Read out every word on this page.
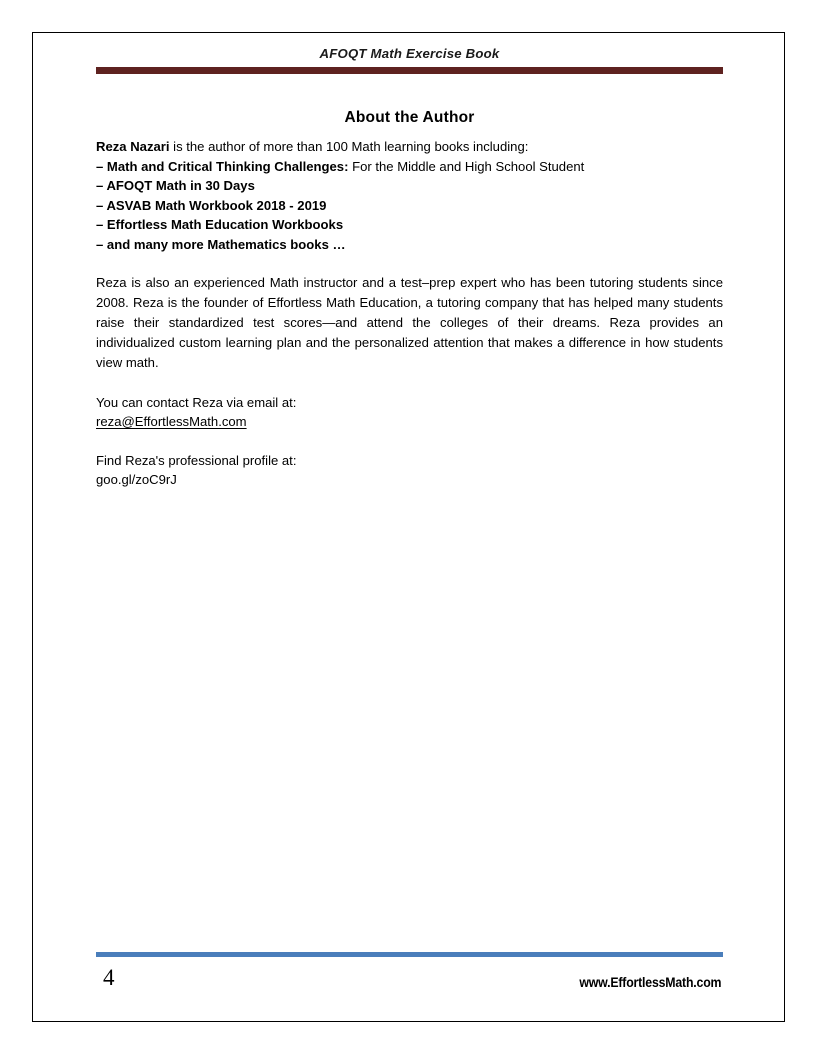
AFOQT Math Exercise Book
About the Author
Reza Nazari is the author of more than 100 Math learning books including:
– Math and Critical Thinking Challenges: For the Middle and High School Student
– AFOQT Math in 30 Days
– ASVAB Math Workbook 2018 - 2019
– Effortless Math Education Workbooks
– and many more Mathematics books …

Reza is also an experienced Math instructor and a test–prep expert who has been tutoring students since 2008. Reza is the founder of Effortless Math Education, a tutoring company that has helped many students raise their standardized test scores—and attend the colleges of their dreams. Reza provides an individualized custom learning plan and the personalized attention that makes a difference in how students view math.

You can contact Reza via email at:
reza@EffortlessMath.com
Find Reza's professional profile at:
goo.gl/zoC9rJ
4	www.EffortlessMath.com
